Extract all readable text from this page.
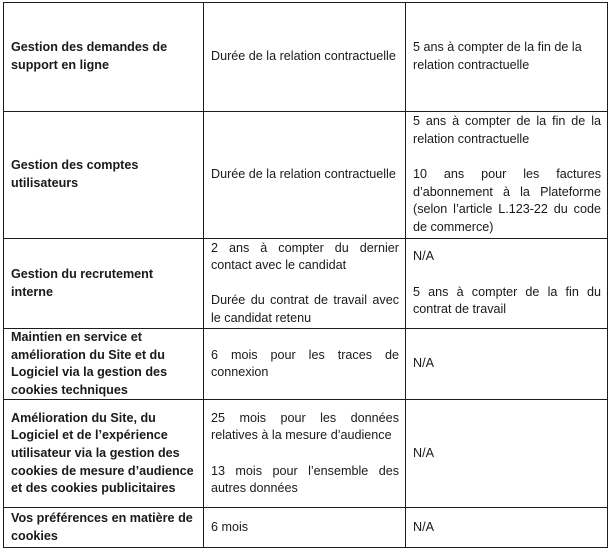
Gestion des demandes de support en ligne	Durée de la relation contractuelle	5 ans à compter de la fin de la relation contractuelle

Gestion des comptes utilisateurs	Durée de la relation contractuelle	5 ans à compter de la fin de la relation contractuelle
10 ans pour les factures d’abonnement à la Plateforme (selon l’article L.123-22 du code de commerce)

Gestion du recrutement interne	2 ans à compter du dernier contact avec le candidat
Durée du contrat de travail avec le candidat retenu	N/A
5 ans à compter de la fin du contrat de travail

Maintien en service et amélioration du Site et du Logiciel via la gestion des cookies techniques	6 mois pour les traces de connexion	N/A

Amélioration du Site, du Logiciel et de l’expérience utilisateur via la gestion des cookies de mesure d’audience et des cookies publicitaires	25 mois pour les données relatives à la mesure d’audience
13 mois pour l’ensemble des autres données	N/A

Vos préférences en matière de cookies	6 mois	N/A
